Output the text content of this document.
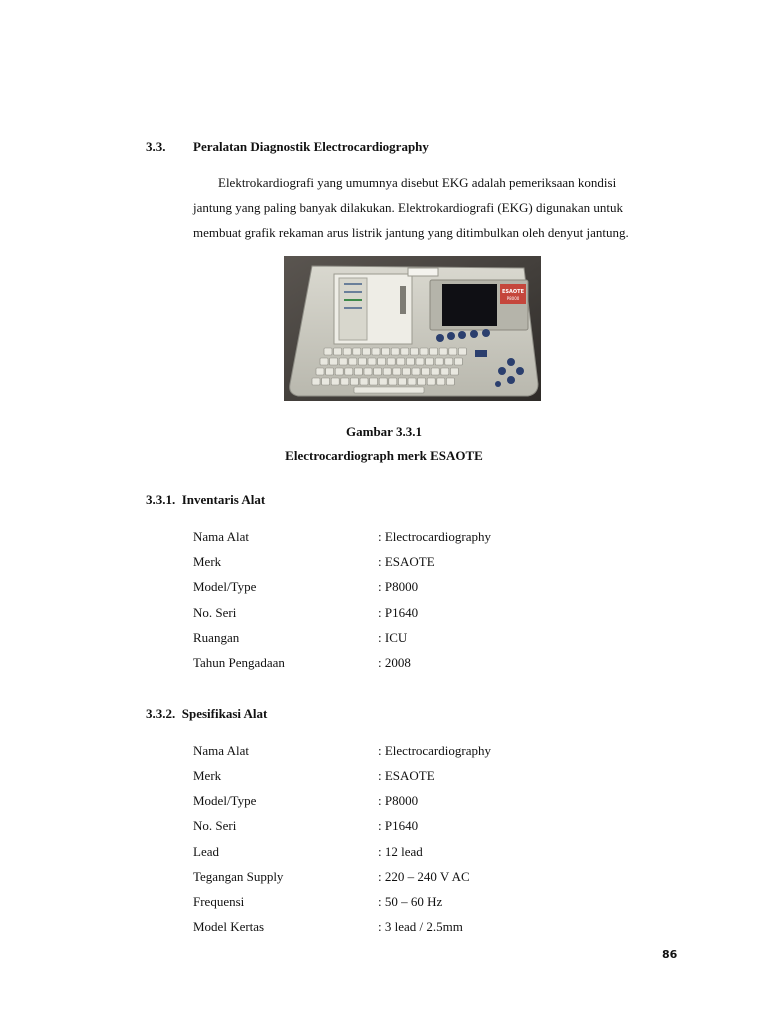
3.3. Peralatan Diagnostik Electrocardiography
Elektrokardiografi yang umumnya disebut EKG adalah pemeriksaan kondisi
jantung yang paling banyak dilakukan. Elektrokardiografi (EKG) digunakan untuk
membuat grafik rekaman arus listrik jantung yang ditimbulkan oleh denyut jantung.
ESAOTE
P8000
Gambar 3.3.1
Electrocardiograph merk ESAOTE
3.3.1.  Inventaris Alat
Nama Alat	: Electrocardiography
Merk	: ESAOTE
Model/Type	: P8000
No. Seri	: P1640
Ruangan	: ICU
Tahun Pengadaan	: 2008
3.3.2.  Spesifikasi Alat
Nama Alat	: Electrocardiography
Merk	: ESAOTE
Model/Type	: P8000
No. Seri	: P1640
Lead	: 12 lead
Tegangan Supply	: 220 – 240 V AC
Frequensi	: 50 – 60 Hz
Model Kertas	: 3 lead / 2.5mm
86
